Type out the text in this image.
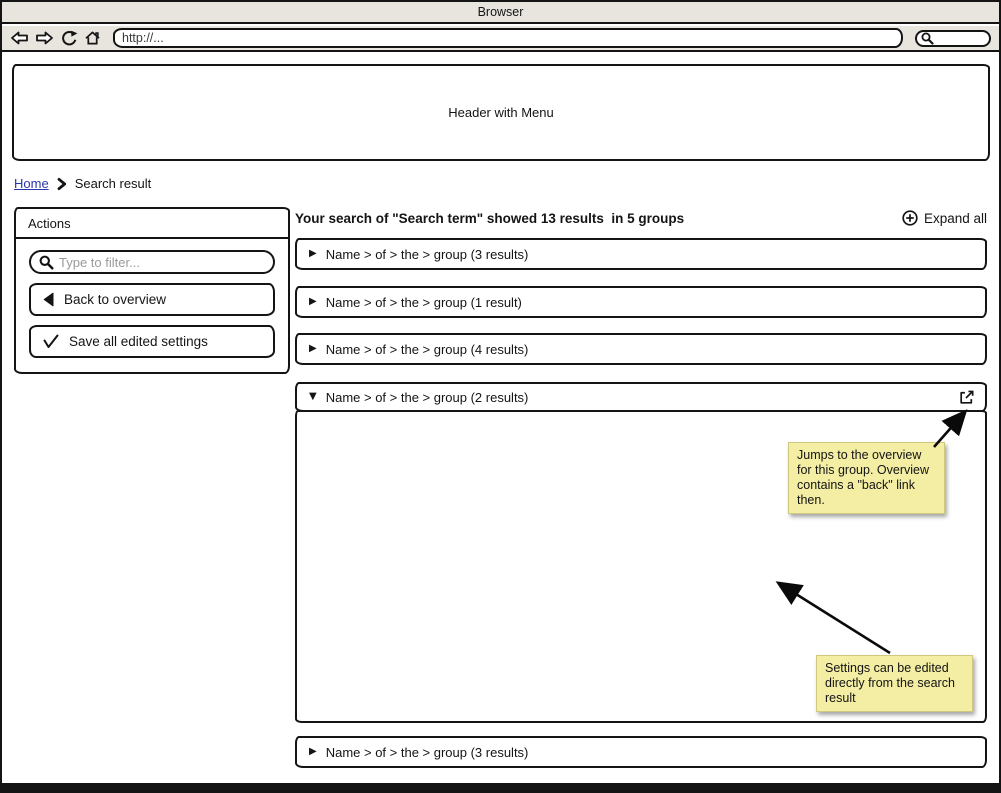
Browser
http://...
Header with Menu
Home Search result
Actions
Type to filter...
Back to overview
Save all edited settings
Your search of "Search term" showed 13 results  in 5 groups	Expand all
▶ Name > of > the > group (3 results)
▶ Name > of > the > group (1 result)
▶ Name > of > the > group (4 results)
▼ Name > of > the > group (2 results)
▶ Name > of > the > group (3 results)
Jumps to the overview for this group. Overview contains a "back" link then.
Settings can be edited directly from the search result
